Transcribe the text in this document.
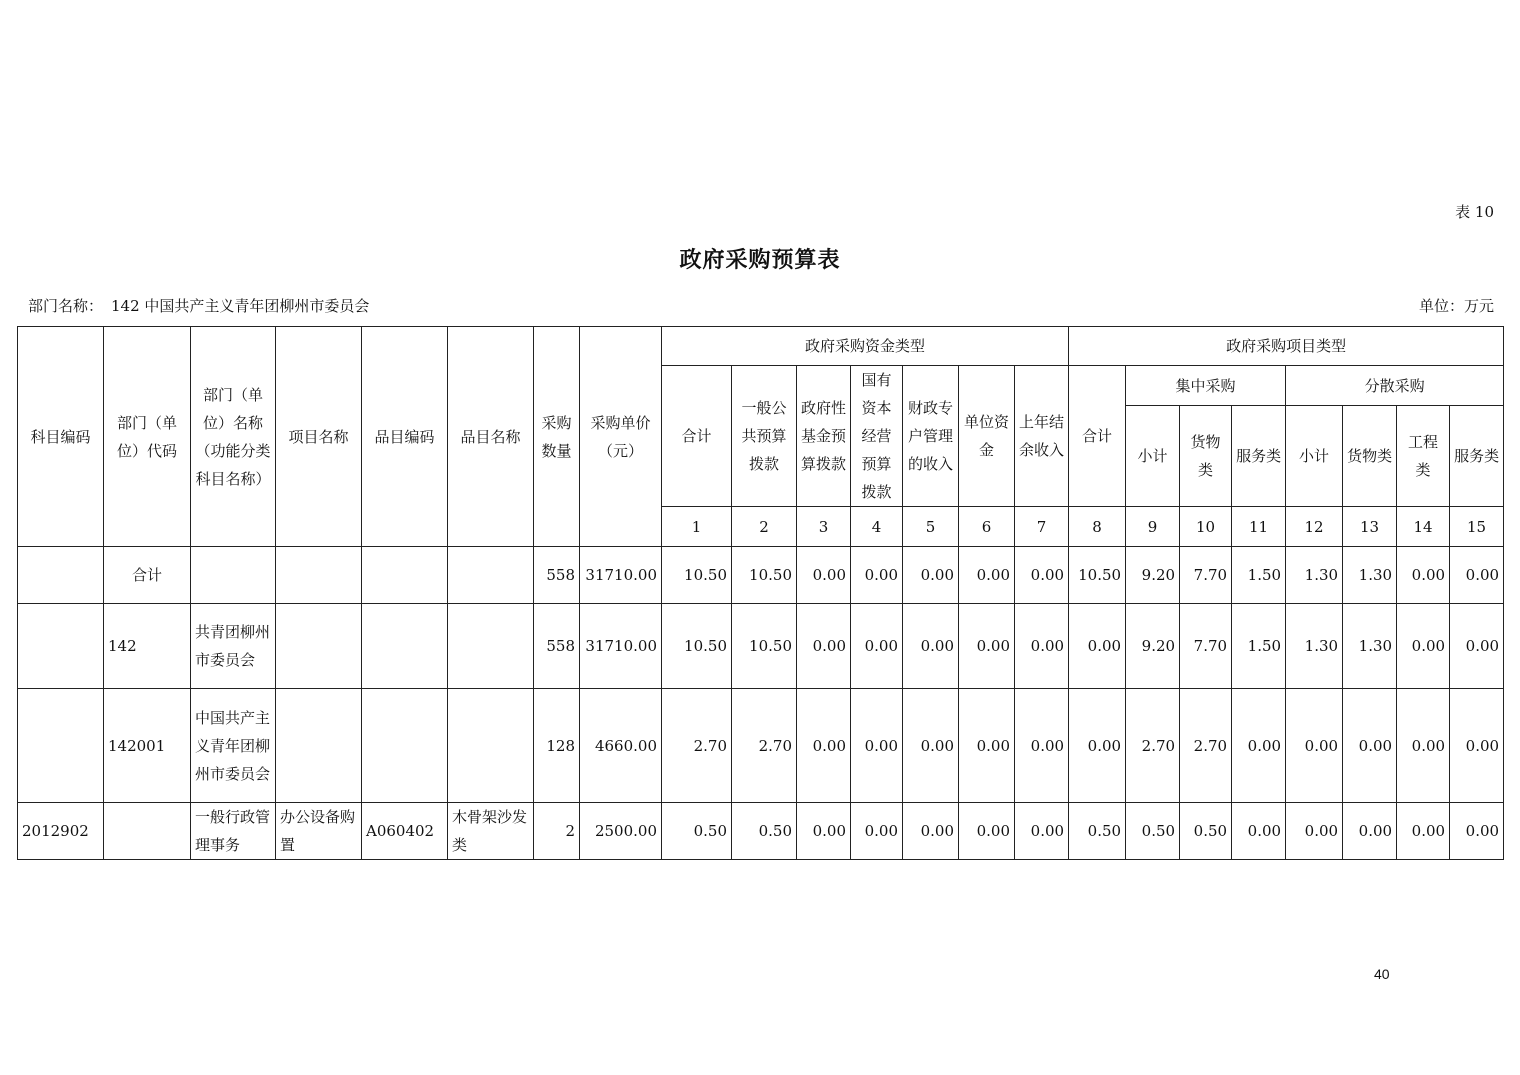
表 10
政府采购预算表
部门名称： 142 中国共产主义青年团柳州市委员会	单位：万元
科目编码	部门（单位）代码	部门（单位）名称（功能分类科目名称）	项目名称	品目编码	品目名称	采购数量	采购单价（元）	政府采购资金类型							政府采购项目类型							
								合计	一般公共预算拨款	政府性基金预算拨款	国有资本经营预算拨款	财政专户管理的收入	单位资金	上年结余收入	合计	集中采购			分散采购			
																小计	货物类	服务类	小计	货物类	工程类	服务类
								1	2	3	4	5	6	7	8	9	10	11	12	13	14	15
	合计					558	31710.00	10.50	10.50	0.00	0.00	0.00	0.00	0.00	10.50	9.20	7.70	1.50	1.30	1.30	0.00	0.00
	142	共青团柳州市委员会				558	31710.00	10.50	10.50	0.00	0.00	0.00	0.00	0.00	0.00	9.20	7.70	1.50	1.30	1.30	0.00	0.00
	142001	中国共产主义青年团柳州市委员会				128	4660.00	2.70	2.70	0.00	0.00	0.00	0.00	0.00	0.00	2.70	2.70	0.00	0.00	0.00	0.00	0.00
2012902		一般行政管理事务	办公设备购置	A060402	木骨架沙发类	2	2500.00	0.50	0.50	0.00	0.00	0.00	0.00	0.00	0.50	0.50	0.50	0.00	0.00	0.00	0.00	0.00
40
